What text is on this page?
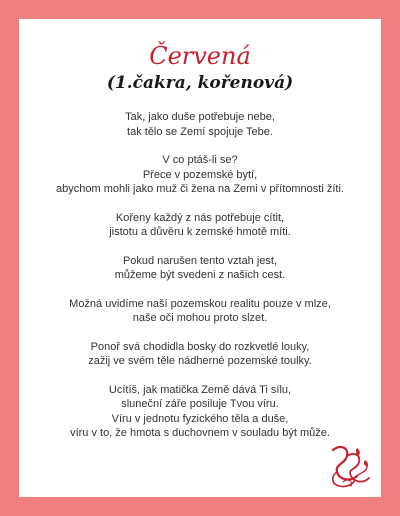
Červená
(1.čakra, kořenová)
Tak, jako duše potřebuje nebe,
tak tělo se Zemí spojuje Tebe.
V co ptáš-li se?
Přece v pozemské bytí,
abychom mohli jako muž či žena na Zemi v přítomnosti žíti.
Kořeny každý z nás potřebuje cítit,
jistotu a důvěru k zemské hmotě míti.
Pokud narušen tento vztah jest,
můžeme být svedeni z našich cest.
Možná uvidíme naší pozemskou realitu pouze v mlze,
naše oči mohou proto slzet.
Ponoř svá chodidla bosky do rozkvetlé louky,
zažij ve svém těle nádherné pozemské toulky.
Ucítíš, jak matička Země dává Ti sílu,
sluneční záře posiluje Tvou víru.
Víru v jednotu fyzického těla a duše,
víru v to, že hmota s duchovnem v souladu být může.
